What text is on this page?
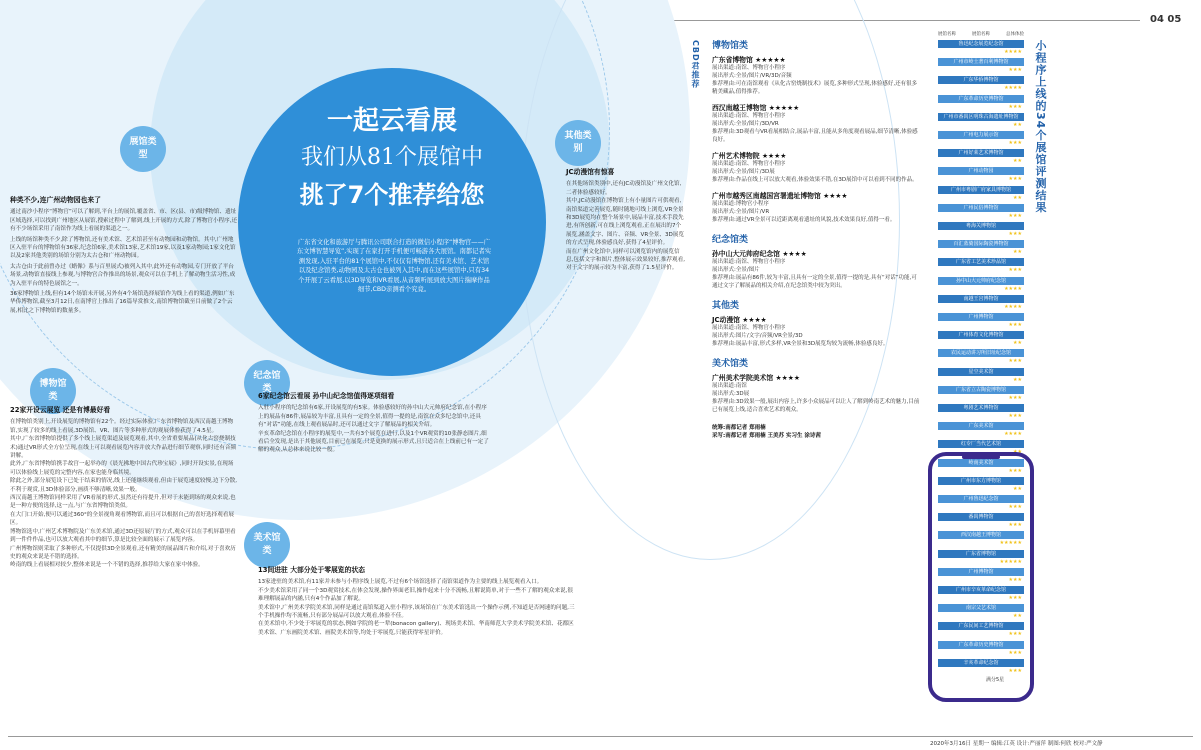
04 05
一起云看展
我们从81个展馆中
挑了7个推荐给您
广东省文化和旅游厅与腾讯公司联合打造的微信小程序“博物官——广东文博智慧导览”,实现了在家打开手机便可畅游各大展馆。南都记者实测发现,入驻平台的81个展馆中,不仅仅有博物馆,还有美术馆、艺术馆以及纪念馆类,动物园及太古仓也被列入其中,而在这些展馆中,只有34个开展了云看展,以3D导览和VR看展,从音频听展到放大图片揣摩作品细节,CBD亲测看个究竟。
展馆类型
博物馆类
纪念馆类
美术馆类
其他类别
种类不少,连广州动物园也来了
通过南沙小程序“博物官”可以了解到,平台上的展馆,覆盖省、市、区(县、市)级博物馆、遗址区域选择,可以找到广州地区从展馆,搜索过程中了解到,线上开展的方式,除了博物官小程序,还有不少场馆采用了南馆作为线上看展的渠道之一。
上线的场馆种类不少,除了博物馆,还有美术馆、艺术馆甚至有动物园和动物馆。其中,广州地区入驻平台的博物馆有36家,纪念馆6家,美术馆13家,艺术馆19家,以及1家动物园;1家文化馆以及2家其他类别的场馆分别为太古仓和广州动物园。
太古仓由于此前曾办过《蜡像》系与百里展式)被列入其中,此外还有动物园,专门开放了平台场景,动物馆直接线上参观,与博物官合作推出的场景,观众可以在手机上了解动物生活习性,成为入驻平台的特色展馆之一。
36家博物馆上线,但有14个场馆未开展,另外有4个场馆选择展馆作为线上看的渠道,例如广东华侨博物馆,截至3月12日,在南博官上推出了16篇导赏推文,南馆博物馆截至目前做了2个云展,相比之下博物馆的数量多。
22家开设云展览 还是有博最好看
在博物馆类别上,开设展览的博物馆有22个。经过实际体验,广东省博物馆及西汉南越王博物馆,实现了较多的线上看展,3D展馆、VR、图片等多种形式的观展体验获得了4.5星。
其中,广东省博物馆提供了多个线上展览渠道及展览观看,其中,全省重要展品(从化古窑烧制技术)通过VR形式全方位呈现,在线上可以观看展览内容并放大作品进行细节观察,同时还有音频讲解。
此外,广东省博物馆携手故宫一起举办的《晨光拂地中国古代珍宝展》,同时开设实景,在现场可以体验线上展览的完整内容,在家也能身临其境。
除此之外,部分展览设下已处于结束的情况,线上还能继续观看,但由于展览速度较慢,边下分散,不利于观赏,且3D体验部分,画质不够清晰,效果一般。
西汉南越王博物馆同样采用了VR看展的形式,虽然还有待提升,但对于未能到场的观众来说,也是一种方便的选择,这一点,与广东省博物馆类似。
在大门口开始,便可以通过360°的全景视角观看博物馆,而且可以根据自己的喜好选择观看展区。
博物馆选中,广州艺术博物院及广东美术馆,通过3D还原展厅的方式,观众可以在手机屏幕里看到一件件作品,也可以放大观看其中的细节,算是比较全面的展示了展览内容。
广州博物馆则采取了多种形式,不仅提供3D全景观看,还有精美的展品图片和介绍,对于喜欢历史的观众来说是不错的选择。
岭南的线上看展相对较少,整体来说是一个不错的选择,推荐给大家在家中体验。
6家纪念馆云看展 孙中山纪念馆值得逐项细看
入驻小程序的纪念馆有6家,开设展览的有5家。体验感较好的孙中山大元帅府纪念馆,在小程序上的展品有86件,展品较为丰富,且具有一定的全景,值得一提的是,南馆在众多纪念馆中,还具有“对话”功能,在线上观看展品时,还可以通过文字了解展品的相关介绍。
辛亥革命纪念馆在小程序的展览中,一共有3个展览在进行,以及1个VR观赏的10张静态图片,细看后全发现,是出于其他展览,目前已在展览,只是更换的展示形式,且只适合在上线前已有一定了解的观众,从总体来说比较一般。
13间进驻 大部分处于零展览的状态
13家进驻的美术馆,有11家并未参与小程序线上展览,不过有6个场馆选择了南馆渠道作为主要的线上展览观看入口。
不少美术馆采用了同一个3D观赏技术,在体会发现,操作界面老旧,操作起来十分不流畅,且解说简单,对于一些不了解的观众来说,很难理解展品的内涵,只有4个作品加了解说。
美术馆中,广州美术学院美术馆,同样是通过南馆渠道入驻小程序,该场馆在广东美术馆选出一个操作示例,不知道是否网速的问题,三个手机操作均不流畅,只有部分展品可以放大观看,体验不佳。
在美术馆中,不少处于零展览的状态,例如学院的老一辈(bonacon gallery)、现场美术馆、华南师范大学美术学院美术馆、花都区美术馆、广东画院美术馆、画院美术馆等,均处于零展览,只能获得零星评价。
JC动漫馆有惊喜
在其他场馆类别中,还有JC动漫馆及广州文化馆,二者体验感较好。
其中,JC动漫馆在博物馆上有小量图片可供观看,南馆渠道完善展览,随时随地可线上浏览,VR全景和3D展览均在整个场景中,展品丰富,技术手段先进,有所创新,可在线上浏览观看,正在展出的7个展览,涵盖文字、图片、音频、VR全景、3D展览的方式呈现,体验感良好,获得了4星评价。
而在广州文化馆中,同样可以浏览馆内的展览信息,包括文字和图片,整体展示效果较好,推荐观看,对于文字的展示较为丰富,获得了1.5星评价。
CBD君推荐 博物馆类
广东省博物馆 ★★★★★
展出渠道:南馆、博物官小程序
展出形式:全景/图片/VR/3D/音频
推荐理由:可在南馆观看《从化古窑烧制技术》展览,多种形式呈现,体验感好,还有很多精美藏品,值得推荐。
西汉南越王博物馆 ★★★★★
展出渠道:南馆、博物官小程序
展出形式:全景/图片/3D/VR
推荐理由:3D观看与VR看展相结合,展品丰富,且能从多角度观看展品,细节清晰,体验感良好。
广州艺术博物院 ★★★★
展出渠道:南馆、博物官小程序
展出形式:全景/图片/3D展
推荐理由:作品在线上可以放大观看,体验效果不错,在3D展馆中可以看到不同的作品。
广州市越秀区南越国宫署遗址博物馆 ★★★★
展出渠道:博物官小程序
展出形式:全景/图片/VR
推荐理由:通过VR全景可以近距离观看遗址的风貌,技术效果良好,值得一看。
纪念馆类
孙中山大元帅府纪念馆 ★★★★
展出渠道:南馆、博物官小程序
展出形式:全景/图片
推荐理由:展品有86件,较为丰富,且具有一定的全景,值得一提的是,具有“对话”功能,可通过文字了解展品的相关介绍,在纪念馆类中较为突出。
其他类
JC动漫馆 ★★★★
展出渠道:南馆、博物官小程序
展出形式:图片/文字/音频/VR全景/3D
推荐理由:展品丰富,形式多样,VR全景和3D展览均较为流畅,体验感良好。
美术馆类
广州美术学院美术馆 ★★★★
展出渠道:南馆
展出形式:3D展
推荐理由:3D效果一般,展出内容上,许多小众展品可以让人了解到岭南艺术的魅力,目前已有展览上线,适合喜欢艺术的观众。
统筹:南都记者 郑雨楠
采写:南都记者 郑雨楠 王美苏 实习生 涂诗茜
小程序上线的34个展馆评测结果
展馆名称	展馆名称	总体体验
鲁迅纪念展览纪念馆
★★★★
广州市岭土著百利博物馆
★★★
广东华侨博物馆
★★★★
广东革命历史博物馆
★★★
广州市番禺区明珠古海遗址博物馆
★★
广州电力展示馆
★★★
广州好莱艺术博物馆
★★
广州动物园
★★★
广州市粤剧广府家具博物馆
★★
广州民俗博物馆
★★★
粤海关博物馆
★★★
百汇蓝骑国际陶瓷博物馆
★★
广东省工艺美术珍品馆
★★★
孙中山大元帅府纪念馆
★★★★
南越王宫博物馆
★★★★
广州博物馆
★★★
广州体育文化博物馆
★★
农民运动讲习所旧址纪念馆
★★★
星空美术馆
★★
广东省立古陶瓷博物馆
★★★
粤剧艺术博物馆
★★★
广东美术馆
★★★★
红专厂当代艺术馆
★★
岭南美术馆
★★★
广州市东方博物馆
★★
广州鲁迅纪念馆
★★★
番禺博物馆
★★★
西汉南越王博物馆
★★★★★
广东省博物馆
★★★★★
广州博物馆
★★★
广州市辛亥革命纪念馆
★★★
南宗父艺术馆
★★
广东民间工艺博物馆
★★★
广东革命历史博物馆
★★★
辛亥革命纪念馆
★★★
满分5星
2020年3月16日 星期一 编辑:江英 设计:严丽萍 制图:何欣 校对:严文静
